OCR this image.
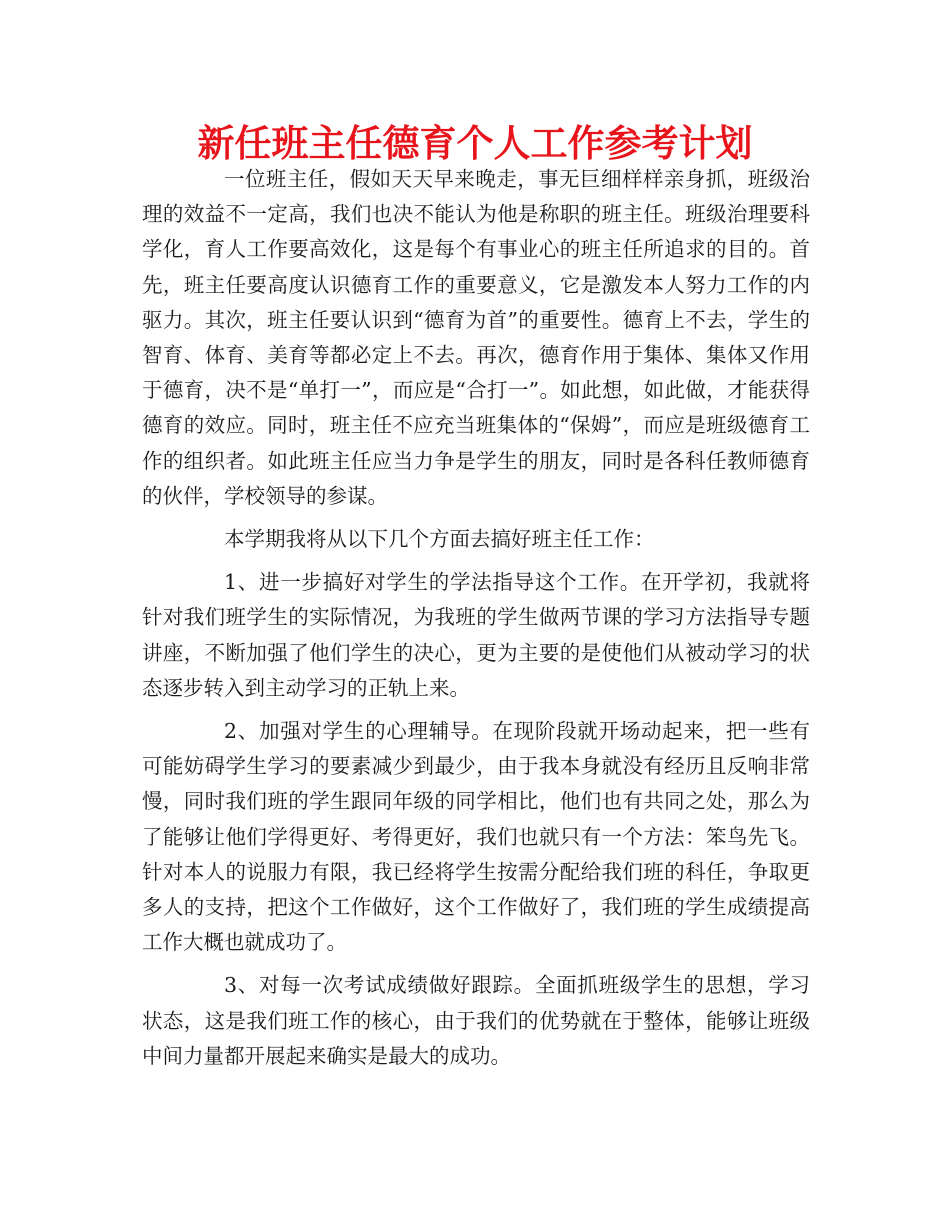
新任班主任德育个人工作参考计划

一位班主任，假如天天早来晚走，事无巨细样样亲身抓，班级治理的效益不一定高，我们也决不能认为他是称职的班主任。班级治理要科学化，育人工作要高效化，这是每个有事业心的班主任所追求的目的。首先，班主任要高度认识德育工作的重要意义，它是激发本人努力工作的内驱力。其次，班主任要认识到“德育为首”的重要性。德育上不去，学生的智育、体育、美育等都必定上不去。再次，德育作用于集体、集体又作用于德育，决不是“单打一”，而应是“合打一”。如此想，如此做，才能获得德育的效应。同时，班主任不应充当班集体的“保姆”，而应是班级德育工作的组织者。如此班主任应当力争是学生的朋友，同时是各科任教师德育的伙伴，学校领导的参谋。

本学期我将从以下几个方面去搞好班主任工作：

1、进一步搞好对学生的学法指导这个工作。在开学初，我就将针对我们班学生的实际情况，为我班的学生做两节课的学习方法指导专题讲座，不断加强了他们学生的决心，更为主要的是使他们从被动学习的状态逐步转入到主动学习的正轨上来。

2、加强对学生的心理辅导。在现阶段就开场动起来，把一些有可能妨碍学生学习的要素减少到最少，由于我本身就没有经历且反响非常慢，同时我们班的学生跟同年级的同学相比，他们也有共同之处，那么为了能够让他们学得更好、考得更好，我们也就只有一个方法：笨鸟先飞。针对本人的说服力有限，我已经将学生按需分配给我们班的科任，争取更多人的支持，把这个工作做好，这个工作做好了，我们班的学生成绩提高工作大概也就成功了。

3、对每一次考试成绩做好跟踪。全面抓班级学生的思想，学习状态，这是我们班工作的核心，由于我们的优势就在于整体，能够让班级中间力量都开展起来确实是最大的成功。
